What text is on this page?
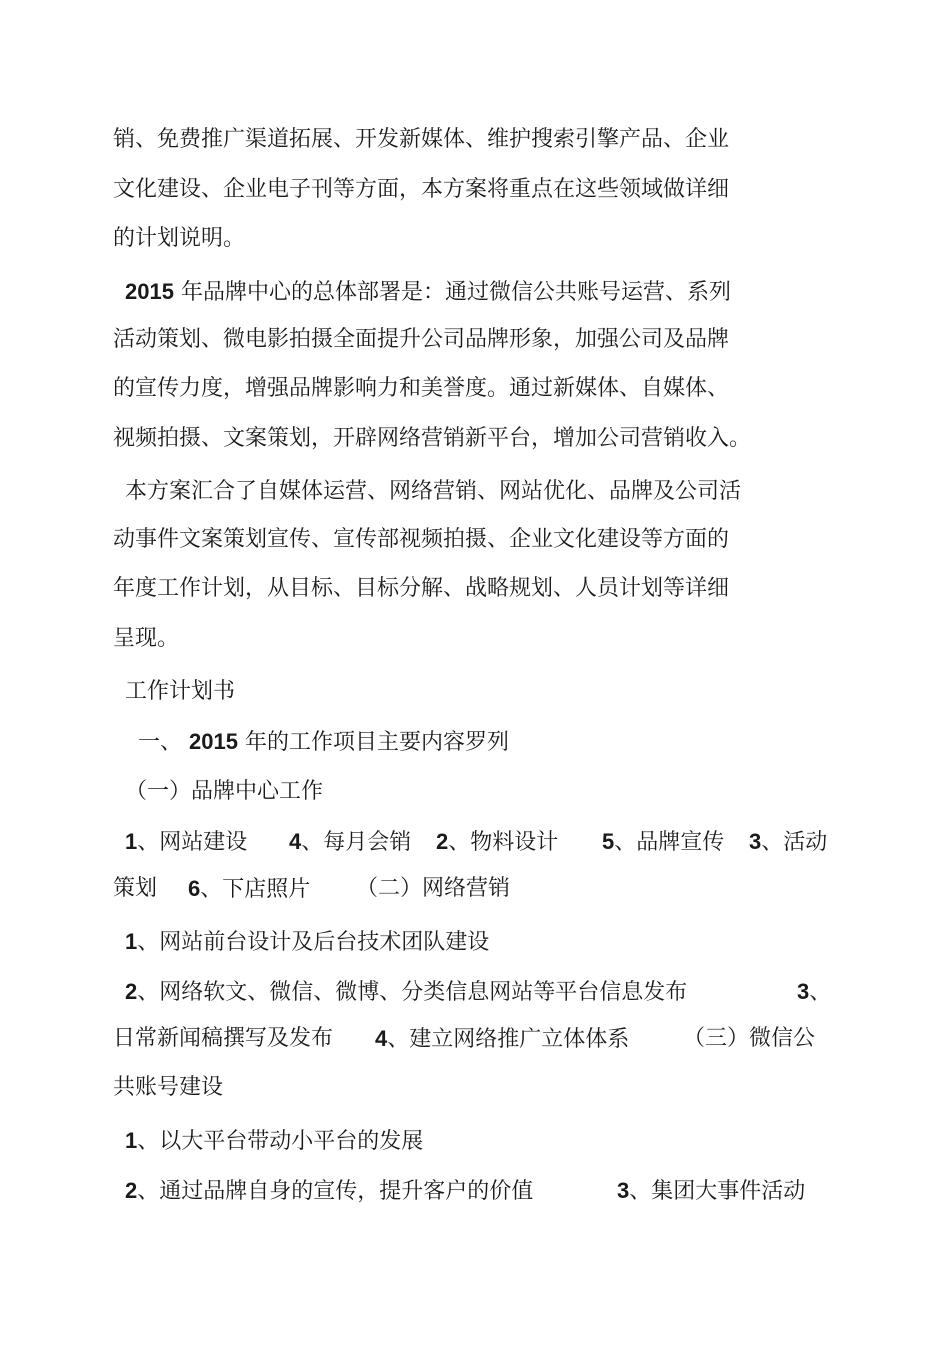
销、免费推广渠道拓展、开发新媒体、维护搜索引擎产品、企业
文化建设、企业电子刊等方面，本方案将重点在这些领域做详细
的计划说明。
2015 年品牌中心的总体部署是：通过微信公共账号运营、系列
活动策划、微电影拍摄全面提升公司品牌形象，加强公司及品牌
的宣传力度，增强品牌影响力和美誉度。通过新媒体、自媒体、
视频拍摄、文案策划，开辟网络营销新平台，增加公司营销收入。
本方案汇合了自媒体运营、网络营销、网站优化、品牌及公司活
动事件文案策划宣传、宣传部视频拍摄、企业文化建设等方面的
年度工作计划，从目标、目标分解、战略规划、人员计划等详细
呈现。
工作计划书
一、 2015 年的工作项目主要内容罗列
（一）品牌中心工作
1、网站建设 4、每月会销 2、物料设计 5、品牌宣传 3、活动
策划 6、下店照片 （二）网络营销
1、网站前台设计及后台技术团队建设
2、网络软文、微信、微博、分类信息网站等平台信息发布	3、
日常新闻稿撰写及发布 4、建立网络推广立体体系 （三）微信公
共账号建设
1、以大平台带动小平台的发展
2、通过品牌自身的宣传，提升客户的价值	3、集团大事件活动
